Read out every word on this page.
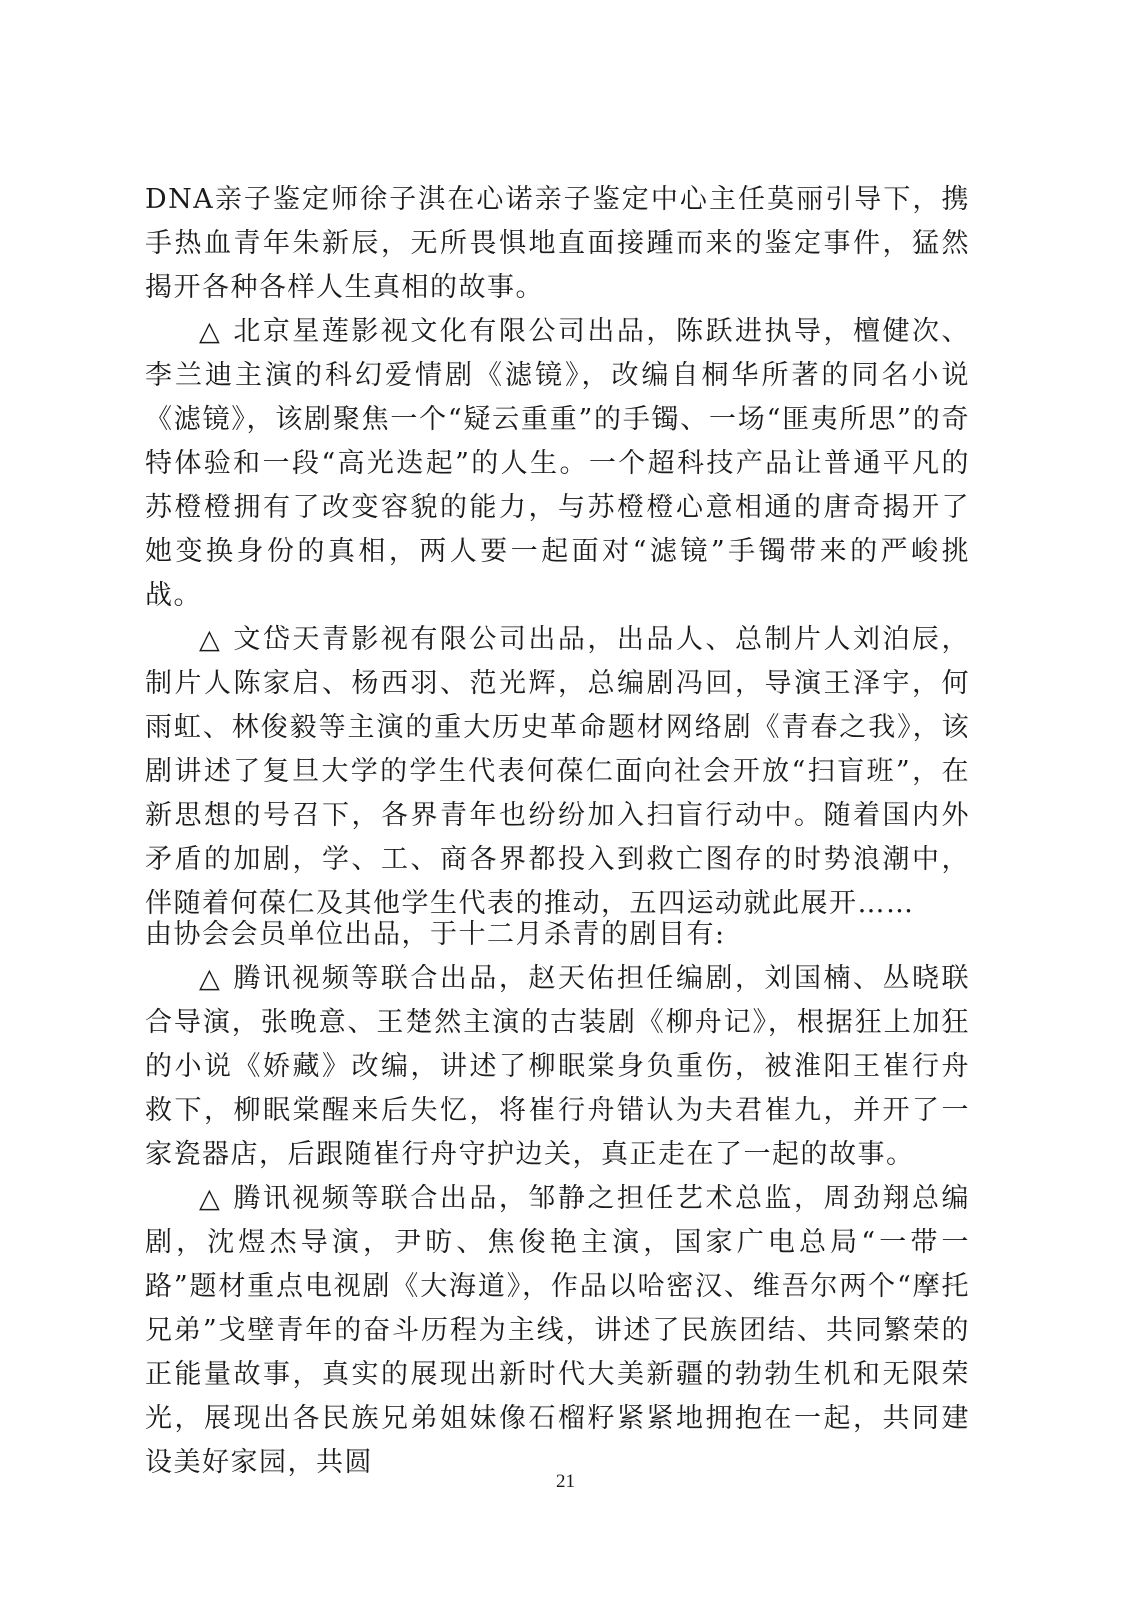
DNA亲子鉴定师徐子淇在心诺亲子鉴定中心主任莫丽引导下，携手热血青年朱新辰，无所畏惧地直面接踵而来的鉴定事件，猛然揭开各种各样人生真相的故事。

△ 北京星莲影视文化有限公司出品，陈跃进执导，檀健次、李兰迪主演的科幻爱情剧《滤镜》，改编自桐华所著的同名小说《滤镜》，该剧聚焦一个“疑云重重”的手镯、一场“匪夷所思”的奇特体验和一段“高光迭起”的人生。一个超科技产品让普通平凡的苏橙橙拥有了改变容貌的能力，与苏橙橙心意相通的唐奇揭开了她变换身份的真相，两人要一起面对“滤镜”手镯带来的严峻挑战。

△ 文岱天青影视有限公司出品，出品人、总制片人刘泊辰，制片人陈家启、杨西羽、范光辉，总编剧冯回，导演王泽宇，何雨虹、林俊毅等主演的重大历史革命题材网络剧《青春之我》，该剧讲述了复旦大学的学生代表何葆仁面向社会开放“扫盲班”，在新思想的号召下，各界青年也纷纷加入扫盲行动中。随着国内外矛盾的加剧，学、工、商各界都投入到救亡图存的时势浪潮中，伴随着何葆仁及其他学生代表的推动，五四运动就此展开……

由协会会员单位出品，于十二月杀青的剧目有:

△ 腾讯视频等联合出品，赵天佑担任编剧，刘国楠、丛晓联合导演，张晚意、王楚然主演的古装剧《柳舟记》，根据狂上加狂的小说《娇藏》改编，讲述了柳眠棠身负重伤，被淮阳王崔行舟救下，柳眠棠醒来后失忆，将崔行舟错认为夫君崔九，并开了一家瓷器店，后跟随崔行舟守护边关，真正走在了一起的故事。

△ 腾讯视频等联合出品，邹静之担任艺术总监，周劲翔总编剧，沈煜杰导演，尹昉、焦俊艳主演，国家广电总局“一带一路”题材重点电视剧《大海道》，作品以哈密汉、维吾尔两个“摩托兄弟”戈壁青年的奋斗历程为主线，讲述了民族团结、共同繁荣的正能量故事，真实的展现出新时代大美新疆的勃勃生机和无限荣光，展现出各民族兄弟姐妹像石榴籽紧紧地拥抱在一起，共同建设美好家园，共圆

21
